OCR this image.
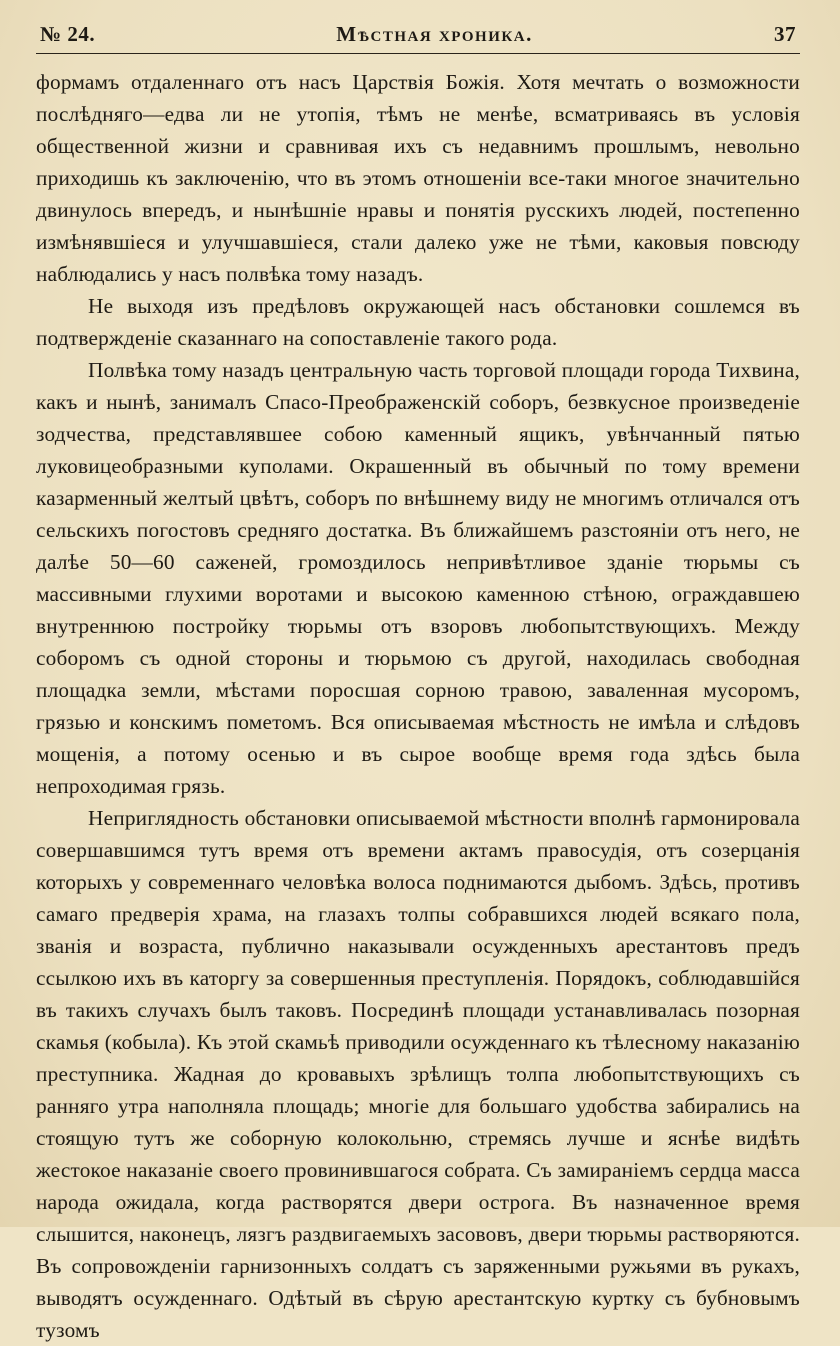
№ 24.	Мѣстная хроника.	37

формамъ отдаленнаго отъ насъ Царствія Божія. Хотя мечтать о возможности послѣдняго—едва ли не утопія, тѣмъ не менѣе, всматриваясь въ условія общественной жизни и сравнивая ихъ съ недавнимъ прошлымъ, невольно приходишь къ заключенію, что въ этомъ отношеніи все-таки многое значительно двинулось впередъ, и нынѣшніе нравы и понятія русскихъ людей, постепенно измѣнявшіеся и улучшавшіеся, стали далеко уже не тѣми, каковыя повсюду наблюдались у насъ полвѣка тому назадъ.

Не выходя изъ предѣловъ окружающей насъ обстановки сошлемся въ подтвержденіе сказаннаго на сопоставленіе такого рода.

Полвѣка тому назадъ центральную часть торговой площади города Тихвина, какъ и нынѣ, занималъ Спасо-Преображенскій соборъ, безвкусное произведеніе зодчества, представлявшее собою каменный ящикъ, увѣнчанный пятью луковицеобразными куполами. Окрашенный въ обычный по тому времени казарменный желтый цвѣтъ, соборъ по внѣшнему виду не многимъ отличался отъ сельскихъ погостовъ средняго достатка. Въ ближайшемъ разстояніи отъ него, не далѣе 50—60 саженей, громоздилось непривѣтливое зданіе тюрьмы съ массивными глухими воротами и высокою каменною стѣною, ограждавшею внутреннюю постройку тюрьмы отъ взоровъ любопытствующихъ. Между соборомъ съ одной стороны и тюрьмою съ другой, находилась свободная площадка земли, мѣстами поросшая сорною травою, заваленная мусоромъ, грязью и конскимъ пометомъ. Вся описываемая мѣстность не имѣла и слѣдовъ мощенія, а потому осенью и въ сырое вообще время года здѣсь была непроходимая грязь.

Неприглядность обстановки описываемой мѣстности вполнѣ гармонировала совершавшимся тутъ время отъ времени актамъ правосудія, отъ созерцанія которыхъ у современнаго человѣка волоса поднимаются дыбомъ. Здѣсь, противъ самаго предверія храма, на глазахъ толпы собравшихся людей всякаго пола, званія и возраста, публично наказывали осужденныхъ арестантовъ предъ ссылкою ихъ въ каторгу за совершенныя преступленія. Порядокъ, соблюдавшійся въ такихъ случахъ былъ таковъ. Посрединѣ площади устанавливалась позорная скамья (кобыла). Къ этой скамьѣ приводили осужденнаго къ тѣлесному наказанію преступника. Жадная до кровавыхъ зрѣлищъ толпа любопытствующихъ съ ранняго утра наполняла площадь; многіе для большаго удобства забирались на стоящую тутъ же соборную колокольню, стремясь лучше и яснѣе видѣть жестокое наказаніе своего провинившагося собрата. Съ замираніемъ сердца масса народа ожидала, когда растворятся двери острога. Въ назначенное время слышится, наконецъ, лязгъ раздвигаемыхъ засововъ, двери тюрьмы растворяются. Въ сопровожденіи гарнизонныхъ солдатъ съ заряженными ружьями въ рукахъ, выводятъ осужденнаго. Одѣтый въ сѣрую арестантскую куртку съ бубновымъ тузомъ
